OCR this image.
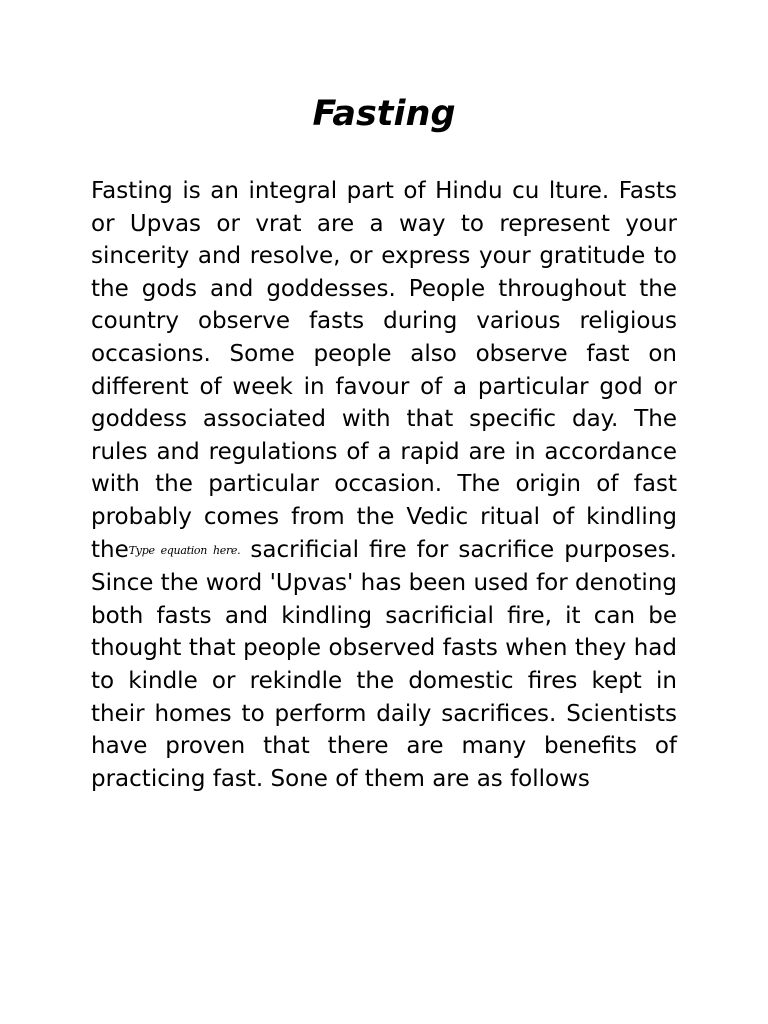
Fasting

Fasting is an integral part of Hindu cu lture. Fasts or Upvas or vrat are a way to represent your sincerity and resolve, or express your gratitude to the gods and goddesses. People throughout the country observe fasts during various religious occasions. Some people also observe fast on different of week in favour of a particular god or goddess associated with that specific day. The rules and regulations of a rapid are in accordance with the particular occasion. The origin of fast probably comes from the Vedic ritual of kindling theType equation here. sacrificial fire for sacrifice purposes. Since the word 'Upvas' has been used for denoting both fasts and kindling sacrificial fire, it can be thought that people observed fasts when they had to kindle or rekindle the domestic fires kept in their homes to perform daily sacrifices. Scientists have proven that there are many benefits of practicing fast. Sone of them are as follows
